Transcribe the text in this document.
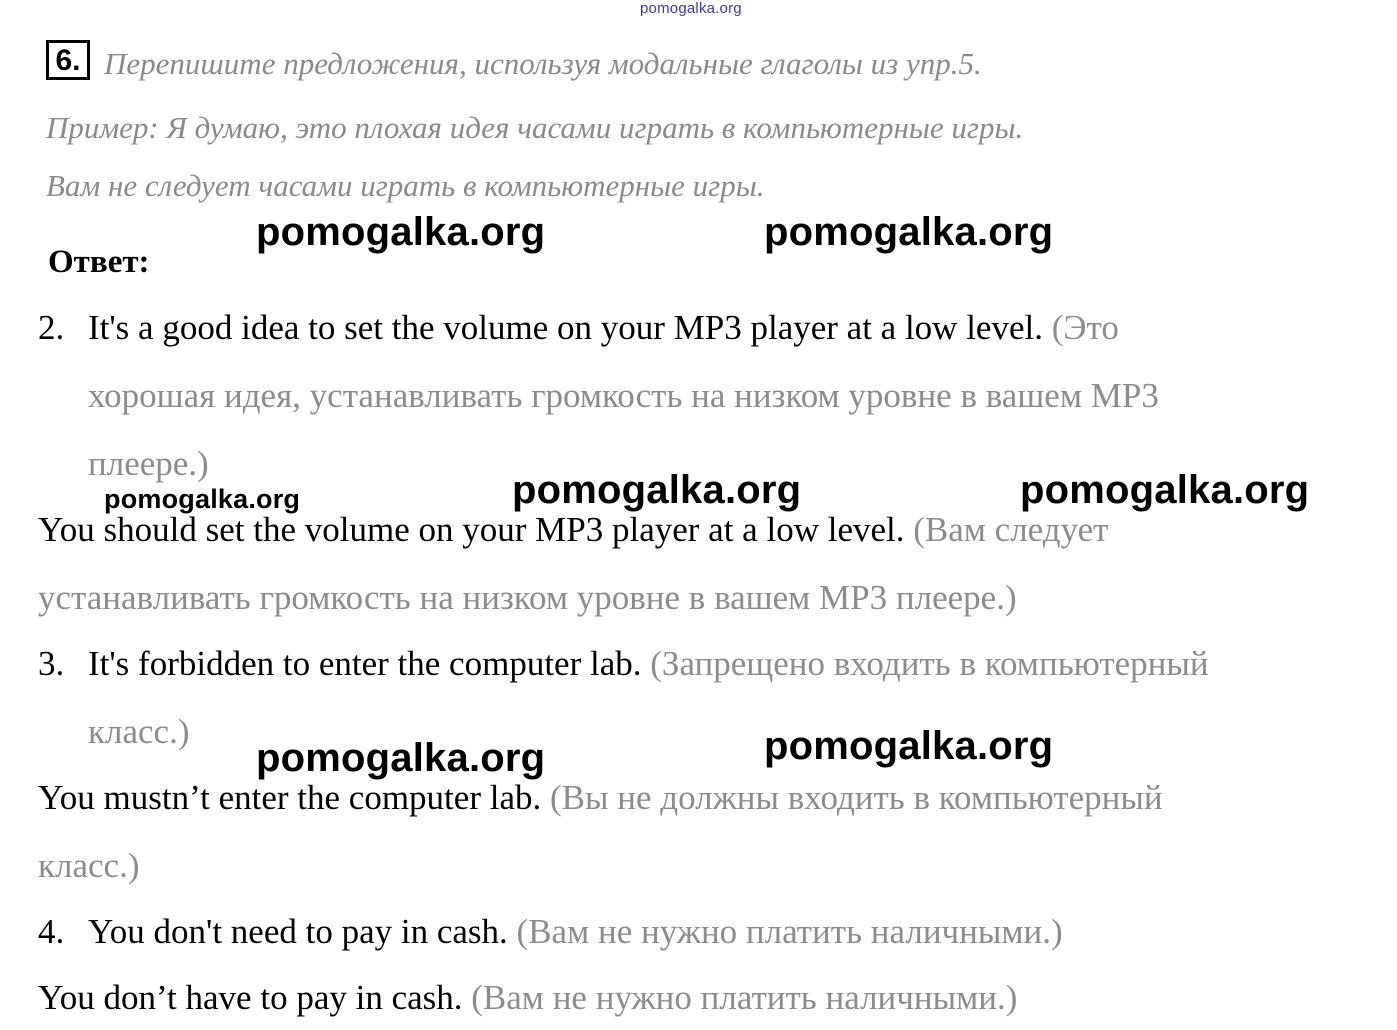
pomogalka.org
6. Перепишите предложения, используя модальные глаголы из упр.5.
Пример: Я думаю, это плохая идея часами играть в компьютерные игры.
Вам не следует часами играть в компьютерные игры.
Ответ:
pomogalka.org	pomogalka.org
2. It's a good idea to set the volume on your MP3 player at a low level. (Это
хорошая идея, устанавливать громкость на низком уровне в вашем MP3
плеере.)
You should set the volume on your MP3 player at a low level. (Вам следует
устанавливать громкость на низком уровне в вашем MP3 плеере.)
pomogalka.org	pomogalka.org	pomogalka.org
3. It's forbidden to enter the computer lab. (Запрещено входить в компьютерный
класс.)
pomogalka.org	pomogalka.org
You mustn’t enter the computer lab. (Вы не должны входить в компьютерный
класс.)
4. You don't need to pay in cash. (Вам не нужно платить наличными.)
You don’t have to pay in cash. (Вам не нужно платить наличными.)
